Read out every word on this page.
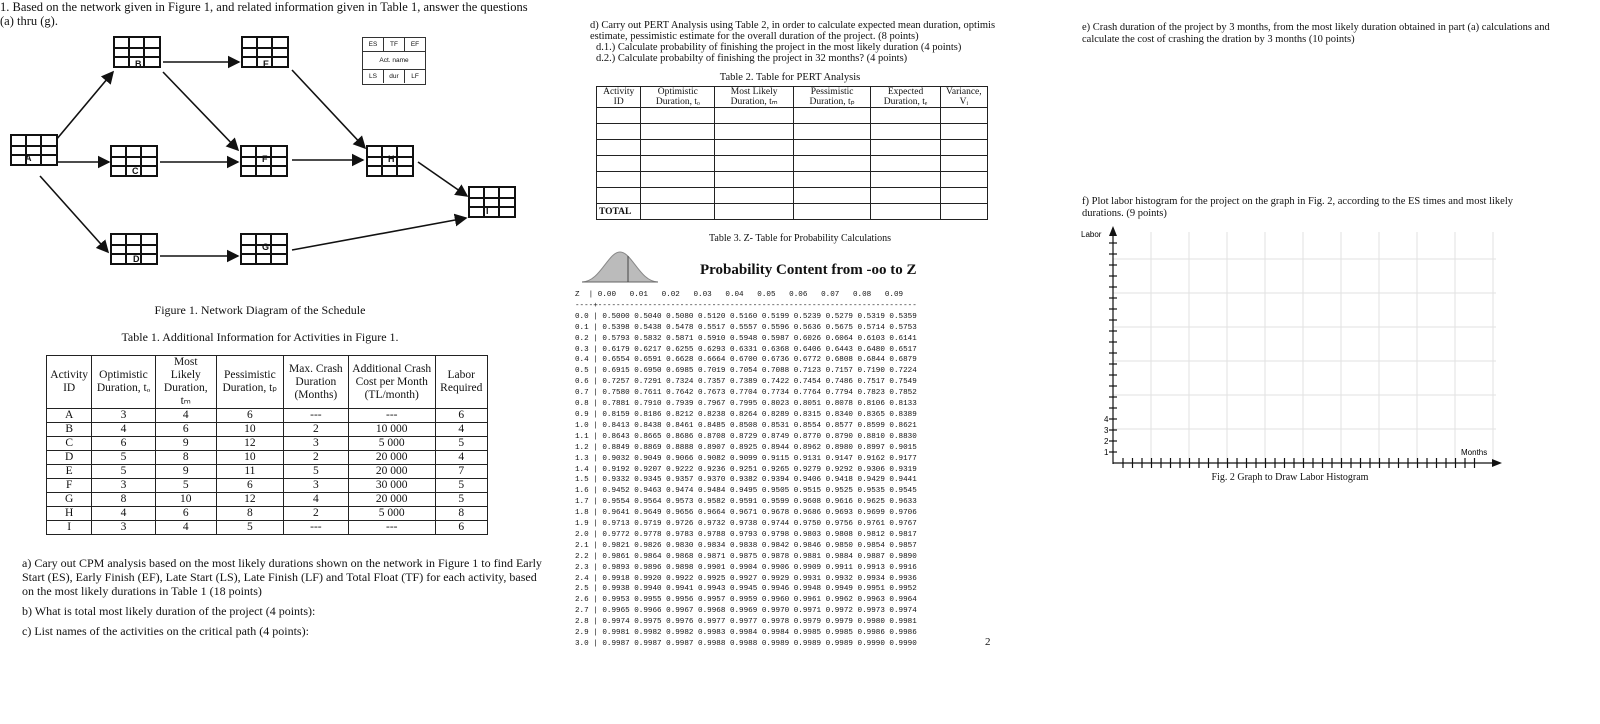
1. Based on the network given in Figure 1, and related information given in Table 1, answer the questions (a) thru (g).
B	E
A
C
F	H
I
D
G
ES	TF	EF
Act. name
LS	dur	LF
Figure 1. Network Diagram of the Schedule
Table 1. Additional Information for Activities in Figure 1.
Activity ID	Optimistic Duration, tₒ	Most Likely Duration, tₘ	Pessimistic Duration, tₚ	Max. Crash Duration (Months)	Additional Crash Cost per Month (TL/month)	Labor Required
A	3	4	6	---	---	6
B	4	6	10	2	10 000	4
C	6	9	12	3	5 000	5
D	5	8	10	2	20 000	4
E	5	9	11	5	20 000	7
F	3	5	6	3	30 000	5
G	8	10	12	4	20 000	5
H	4	6	8	2	5 000	8
I	3	4	5	---	---	6

a) Cary out CPM analysis based on the most likely durations shown on the network in Figure 1 to find Early Start (ES), Early Finish (EF), Late Start (LS), Late Finish (LF) and Total Float (TF) for each activity, based on the most likely durations in Table 1 (18 points)

b) What is total most likely duration of the project (4 points):

c) List names of the activities on the critical path (4 points):

d) Carry out PERT Analysis using Table 2, in order to calculate expected mean duration, optimis estimate, pessimistic estimate for the overall duration of the project. (8 points)
d.1.) Calculate probability of finishing the project in the most likely duration (4 points)
d.2.) Calculate probabilty of finishing the project in 32 months? (4 points)
Table 2. Table for PERT Analysis
Activity ID	Optimistic Duration, tₒ	Most Likely Duration, tₘ	Pessimistic Duration, tₚ	Expected Duration, tₑ	Variance, Vᵢ

TOTAL					
Table 3. Z- Table for Probability Calculations
Probability Content from -oo to Z
Z  | 0.00   0.01   0.02   0.03   0.04   0.05   0.06   0.07   0.08   0.09
----+----------------------------------------------------------------------
0.0 | 0.5000 0.5040 0.5080 0.5120 0.5160 0.5199 0.5239 0.5279 0.5319 0.5359
0.1 | 0.5398 0.5438 0.5478 0.5517 0.5557 0.5596 0.5636 0.5675 0.5714 0.5753
0.2 | 0.5793 0.5832 0.5871 0.5910 0.5948 0.5987 0.6026 0.6064 0.6103 0.6141
0.3 | 0.6179 0.6217 0.6255 0.6293 0.6331 0.6368 0.6406 0.6443 0.6480 0.6517
0.4 | 0.6554 0.6591 0.6628 0.6664 0.6700 0.6736 0.6772 0.6808 0.6844 0.6879
0.5 | 0.6915 0.6950 0.6985 0.7019 0.7054 0.7088 0.7123 0.7157 0.7190 0.7224
0.6 | 0.7257 0.7291 0.7324 0.7357 0.7389 0.7422 0.7454 0.7486 0.7517 0.7549
0.7 | 0.7580 0.7611 0.7642 0.7673 0.7704 0.7734 0.7764 0.7794 0.7823 0.7852
0.8 | 0.7881 0.7910 0.7939 0.7967 0.7995 0.8023 0.8051 0.8078 0.8106 0.8133
0.9 | 0.8159 0.8186 0.8212 0.8238 0.8264 0.8289 0.8315 0.8340 0.8365 0.8389
1.0 | 0.8413 0.8438 0.8461 0.8485 0.8508 0.8531 0.8554 0.8577 0.8599 0.8621
1.1 | 0.8643 0.8665 0.8686 0.8708 0.8729 0.8749 0.8770 0.8790 0.8810 0.8830
1.2 | 0.8849 0.8869 0.8888 0.8907 0.8925 0.8944 0.8962 0.8980 0.8997 0.9015
1.3 | 0.9032 0.9049 0.9066 0.9082 0.9099 0.9115 0.9131 0.9147 0.9162 0.9177
1.4 | 0.9192 0.9207 0.9222 0.9236 0.9251 0.9265 0.9279 0.9292 0.9306 0.9319
1.5 | 0.9332 0.9345 0.9357 0.9370 0.9382 0.9394 0.9406 0.9418 0.9429 0.9441
1.6 | 0.9452 0.9463 0.9474 0.9484 0.9495 0.9505 0.9515 0.9525 0.9535 0.9545
1.7 | 0.9554 0.9564 0.9573 0.9582 0.9591 0.9599 0.9608 0.9616 0.9625 0.9633
1.8 | 0.9641 0.9649 0.9656 0.9664 0.9671 0.9678 0.9686 0.9693 0.9699 0.9706
1.9 | 0.9713 0.9719 0.9726 0.9732 0.9738 0.9744 0.9750 0.9756 0.9761 0.9767
2.0 | 0.9772 0.9778 0.9783 0.9788 0.9793 0.9798 0.9803 0.9808 0.9812 0.9817
2.1 | 0.9821 0.9826 0.9830 0.9834 0.9838 0.9842 0.9846 0.9850 0.9854 0.9857
2.2 | 0.9861 0.9864 0.9868 0.9871 0.9875 0.9878 0.9881 0.9884 0.9887 0.9890
2.3 | 0.9893 0.9896 0.9898 0.9901 0.9904 0.9906 0.9909 0.9911 0.9913 0.9916
2.4 | 0.9918 0.9920 0.9922 0.9925 0.9927 0.9929 0.9931 0.9932 0.9934 0.9936
2.5 | 0.9938 0.9940 0.9941 0.9943 0.9945 0.9946 0.9948 0.9949 0.9951 0.9952
2.6 | 0.9953 0.9955 0.9956 0.9957 0.9959 0.9960 0.9961 0.9962 0.9963 0.9964
2.7 | 0.9965 0.9966 0.9967 0.9968 0.9969 0.9970 0.9971 0.9972 0.9973 0.9974
2.8 | 0.9974 0.9975 0.9976 0.9977 0.9977 0.9978 0.9979 0.9979 0.9980 0.9981
2.9 | 0.9981 0.9982 0.9982 0.9983 0.9984 0.9984 0.9985 0.9985 0.9986 0.9986
3.0 | 0.9987 0.9987 0.9987 0.9988 0.9988 0.9989 0.9989 0.9989 0.9990 0.9990	2
e) Crash duration of the project by 3 months, from the most likely duration obtained in part (a) calculations and calculate the cost of crashing the dration by 3 months (10 points)
f) Plot labor histogram for the project on the graph in Fig. 2, according to the ES times and most likely durations. (9 points)
Labor
Months
1
2
3
4
Fig. 2 Graph to Draw Labor Histogram
